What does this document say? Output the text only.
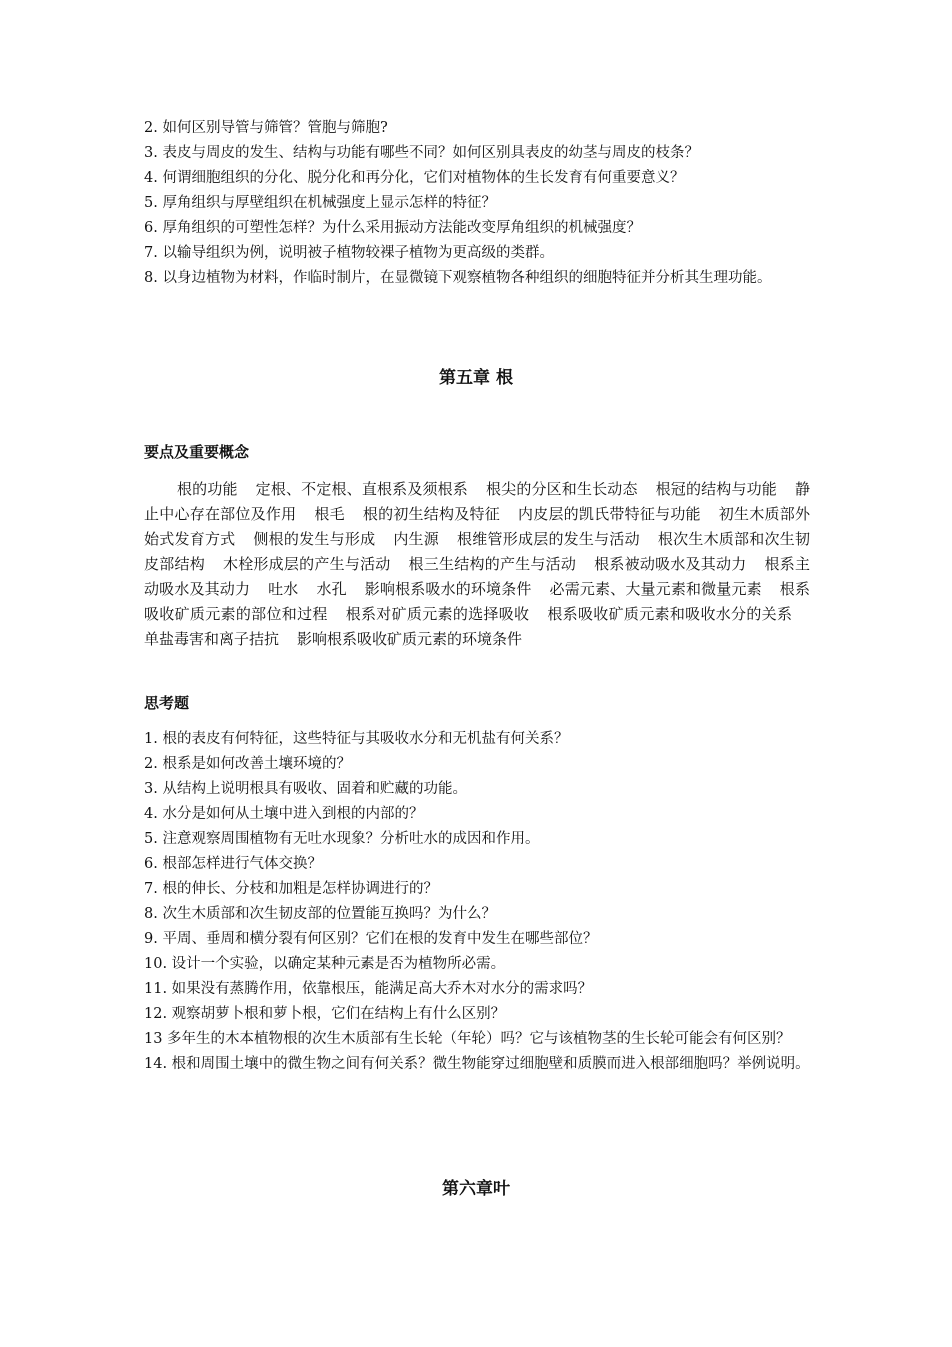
2. 如何区别导管与筛管？管胞与筛胞?

3. 表皮与周皮的发生、结构与功能有哪些不同？如何区别具表皮的幼茎与周皮的枝条？

4. 何谓细胞组织的分化、脱分化和再分化，它们对植物体的生长发育有何重要意义？

5. 厚角组织与厚壁组织在机械强度上显示怎样的特征？

6. 厚角组织的可塑性怎样？为什么采用振动方法能改变厚角组织的机械强度？

7. 以输导组织为例，说明被子植物较裸子植物为更高级的类群。

8. 以身边植物为材料，作临时制片，在显微镜下观察植物各种组织的细胞特征并分析其生理功能。

第五章 根
要点及重要概念

根的功能 定根、不定根、直根系及须根系 根尖的分区和生长动态 根冠的结构与功能 静止中心存在部位及作用 根毛 根的初生结构及特征 内皮层的凯氏带特征与功能 初生木质部外始式发育方式 侧根的发生与形成 内生源 根维管形成层的发生与活动 根次生木质部和次生韧皮部结构 木栓形成层的产生与活动 根三生结构的产生与活动 根系被动吸水及其动力 根系主动吸水及其动力 吐水 水孔 影响根系吸水的环境条件 必需元素、大量元素和微量元素 根系吸收矿质元素的部位和过程 根系对矿质元素的选择吸收 根系吸收矿质元素和吸收水分的关系单盐毒害和离子拮抗 影响根系吸收矿质元素的环境条件

思考题

1. 根的表皮有何特征，这些特征与其吸收水分和无机盐有何关系？

2. 根系是如何改善土壤环境的？

3. 从结构上说明根具有吸收、固着和贮藏的功能。

4. 水分是如何从土壤中进入到根的内部的？

5. 注意观察周围植物有无吐水现象？分析吐水的成因和作用。

6. 根部怎样进行气体交换？

7. 根的伸长、分枝和加粗是怎样协调进行的？

8. 次生木质部和次生韧皮部的位置能互换吗？为什么？

9. 平周、垂周和横分裂有何区别？它们在根的发育中发生在哪些部位？

10. 设计一个实验，以确定某种元素是否为植物所必需。

11. 如果没有蒸腾作用，依靠根压，能满足高大乔木对水分的需求吗？

12. 观察胡萝卜根和萝卜根，它们在结构上有什么区别？

13 多年生的木本植物根的次生木质部有生长轮（年轮）吗？它与该植物茎的生长轮可能会有何区别？

14. 根和周围土壤中的微生物之间有何关系？微生物能穿过细胞壁和质膜而进入根部细胞吗？举例说明。

第六章叶
